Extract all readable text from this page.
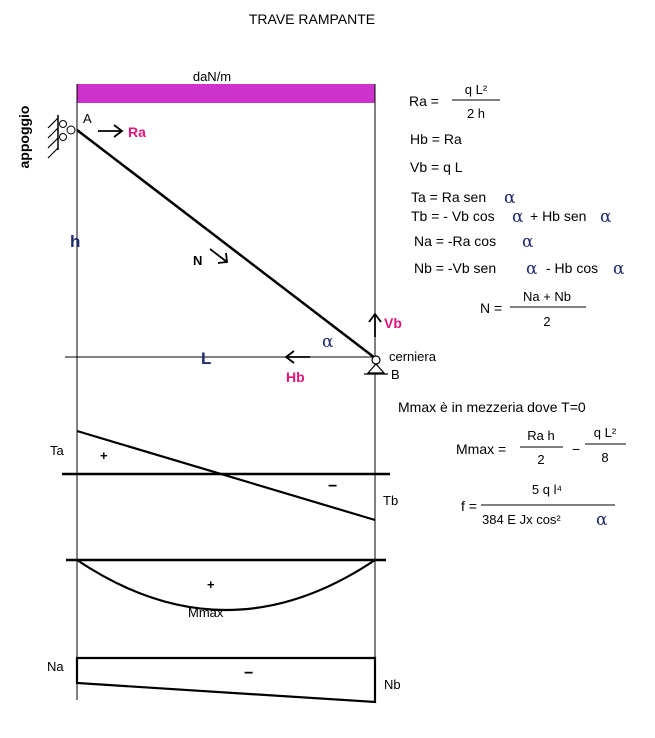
TRAVE RAMPANTE
daN/m
appoggio	A
Ra
h
N
α
L
Hb
Vb
cerniera
B
Ta
Tb
+
−
+
Mmax
Na
Nb
−
Ra =
q L²
2 h
Hb = Ra
Vb = q L
Ta = Ra sen α
Tb = - Vb cos α + Hb sen α
Na = -Ra cos α
Nb = -Vb sen α - Hb cos α
N =
Na + Nb
2
Mmax è in mezzeria dove T=0
Mmax =
Ra h
2
−
q L²
8
f =
5 q l⁴
384 E Jx cos² α
